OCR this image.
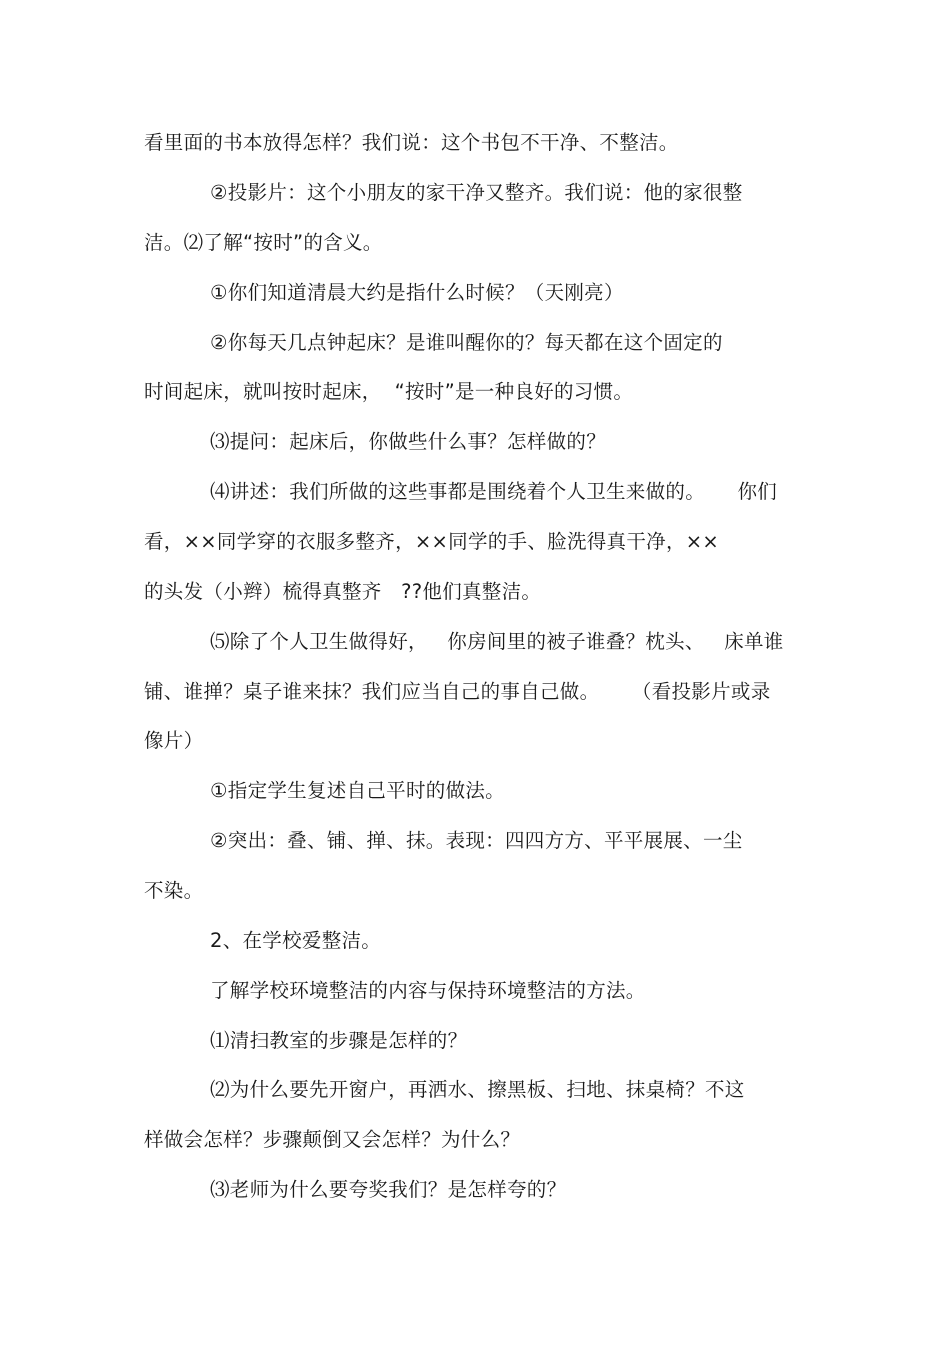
看里面的书本放得怎样？我们说：这个书包不干净、不整洁。
②投影片：这个小朋友的家干净又整齐。我们说：他的家很整
洁。⑵了解“按时”的含义。
①你们知道清晨大约是指什么时候？（天刚亮）
②你每天几点钟起床？是谁叫醒你的？每天都在这个固定的
时间起床，就叫按时起床，  “按时”是一种良好的习惯。
⑶提问：起床后，你做些什么事？怎样做的？
⑷讲述：我们所做的这些事都是围绕着个人卫生来做的。     你们
看，××同学穿的衣服多整齐，××同学的手、脸洗得真干净，××
的头发（小辫）梳得真整齐   ??他们真整洁。
⑸除了个人卫生做得好，   你房间里的被子谁叠？枕头、   床单谁
铺、谁掸？桌子谁来抹？我们应当自己的事自己做。     （看投影片或录
像片）
①指定学生复述自己平时的做法。
②突出：叠、铺、掸、抹。表现：四四方方、平平展展、一尘
不染。
2、在学校爱整洁。
了解学校环境整洁的内容与保持环境整洁的方法。
⑴清扫教室的步骤是怎样的？
⑵为什么要先开窗户，再洒水、擦黑板、扫地、抹桌椅？不这
样做会怎样？步骤颠倒又会怎样？为什么？
⑶老师为什么要夸奖我们？是怎样夸的？
